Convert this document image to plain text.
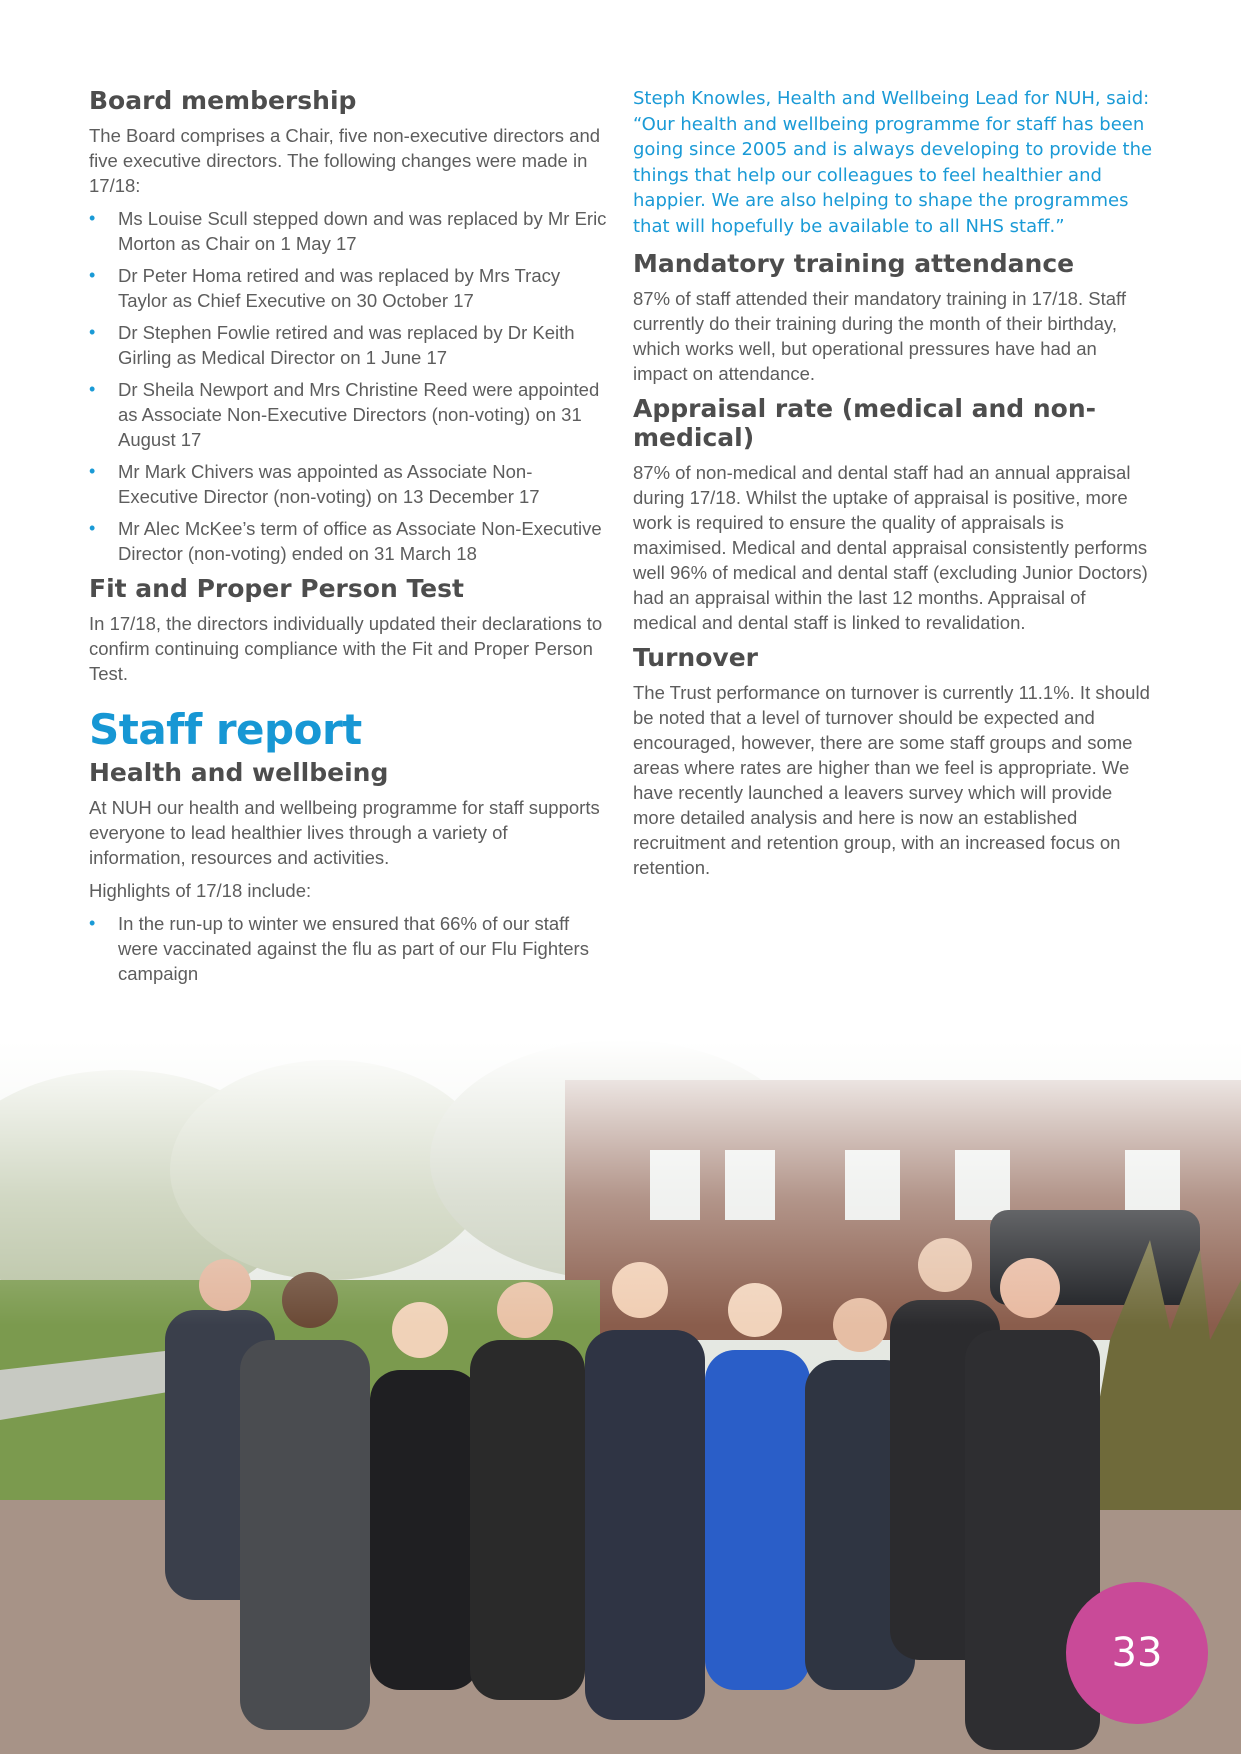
Board membership

The Board comprises a Chair, five non-executive directors and five executive directors. The following changes were made in 17/18:

• Ms Louise Scull stepped down and was replaced by Mr Eric Morton as Chair on 1 May 17
• Dr Peter Homa retired and was replaced by Mrs Tracy Taylor as Chief Executive on 30 October 17
• Dr Stephen Fowlie retired and was replaced by Dr Keith Girling as Medical Director on 1 June 17
• Dr Sheila Newport and Mrs Christine Reed were appointed as Associate Non-Executive Directors (non-voting) on 31 August 17
• Mr Mark Chivers was appointed as Associate Non-Executive Director (non-voting) on 13 December 17
• Mr Alec McKee’s term of office as Associate Non-Executive Director (non-voting) ended on 31 March 18
Fit and Proper Person Test

In 17/18, the directors individually updated their declarations to confirm continuing compliance with the Fit and Proper Person Test.

Staff report
Health and wellbeing

At NUH our health and wellbeing programme for staff supports everyone to lead healthier lives through a variety of information, resources and activities.

Highlights of 17/18 include:

• In the run-up to winter we ensured that 66% of our staff were vaccinated against the flu as part of our Flu Fighters campaign

Steph Knowles, Health and Wellbeing Lead for NUH, said: “Our health and wellbeing programme for staff has been going since 2005 and is always developing to provide the things that help our colleagues to feel healthier and happier. We are also helping to shape the programmes that will hopefully be available to all NHS staff.”

Mandatory training attendance

87% of staff attended their mandatory training in 17/18. Staff currently do their training during the month of their birthday, which works well, but operational pressures have had an impact on attendance.

Appraisal rate (medical and non-medical)

87% of non-medical and dental staff had an annual appraisal during 17/18. Whilst the uptake of appraisal is positive, more work is required to ensure the quality of appraisals is maximised. Medical and dental appraisal consistently performs well 96% of medical and dental staff (excluding Junior Doctors) had an appraisal within the last 12 months. Appraisal of medical and dental staff is linked to revalidation.

Turnover

The Trust performance on turnover is currently 11.1%. It should be noted that a level of turnover should be expected and encouraged, however, there are some staff groups and some areas where rates are higher than we feel is appropriate. We have recently launched a leavers survey which will provide more detailed analysis and here is now an established recruitment and retention group, with an increased focus on retention.

33
